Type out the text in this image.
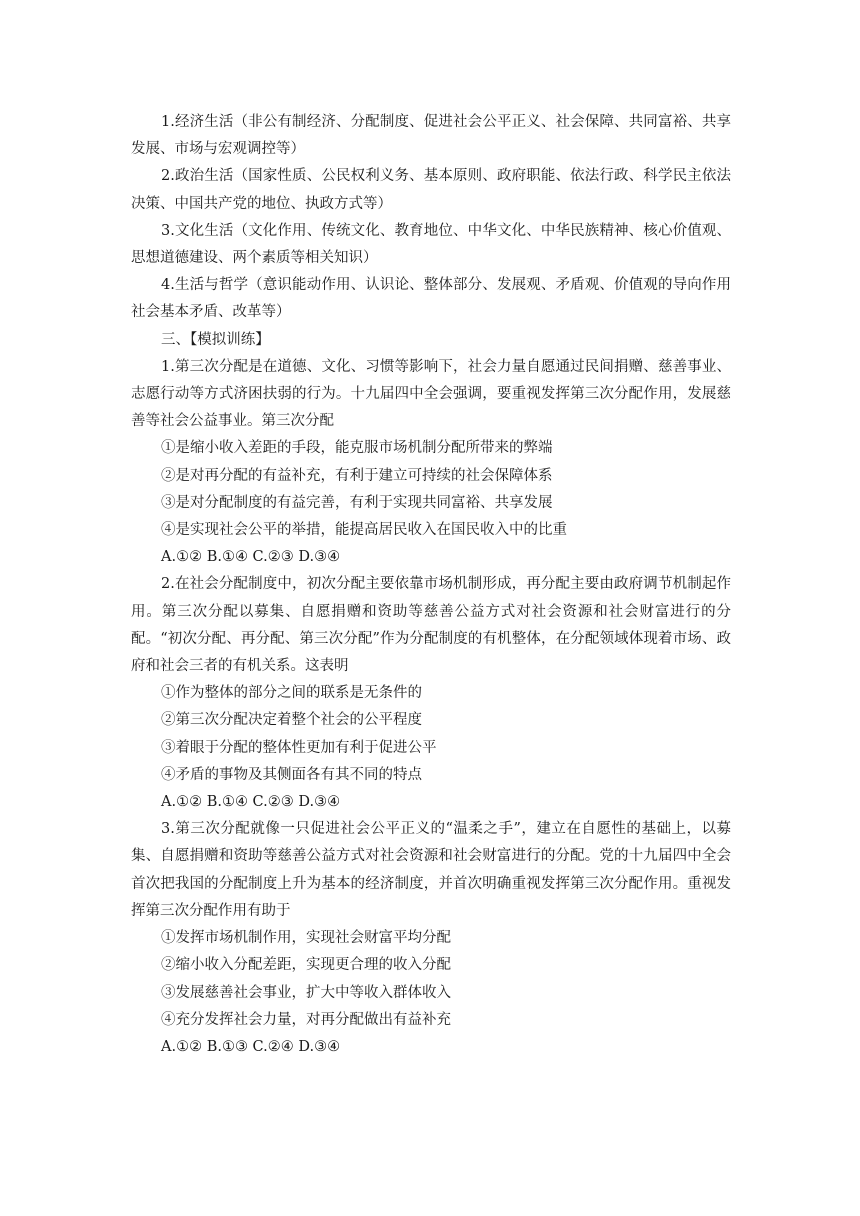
1.经济生活（非公有制经济、分配制度、促进社会公平正义、社会保障、共同富裕、共享发展、市场与宏观调控等）

2.政治生活（国家性质、公民权利义务、基本原则、政府职能、依法行政、科学民主依法决策、中国共产党的地位、执政方式等）

3.文化生活（文化作用、传统文化、教育地位、中华文化、中华民族精神、核心价值观、思想道德建设、两个素质等相关知识）

4.生活与哲学（意识能动作用、认识论、整体部分、发展观、矛盾观、价值观的导向作用社会基本矛盾、改革等）

三、【模拟训练】

1.第三次分配是在道德、文化、习惯等影响下，社会力量自愿通过民间捐赠、慈善事业、志愿行动等方式济困扶弱的行为。十九届四中全会强调，要重视发挥第三次分配作用，发展慈善等社会公益事业。第三次分配

①是缩小收入差距的手段，能克服市场机制分配所带来的弊端

②是对再分配的有益补充，有利于建立可持续的社会保障体系

③是对分配制度的有益完善，有利于实现共同富裕、共享发展

④是实现社会公平的举措，能提高居民收入在国民收入中的比重

A.①② B.①④ C.②③ D.③④

2.在社会分配制度中，初次分配主要依靠市场机制形成，再分配主要由政府调节机制起作用。第三次分配以募集、自愿捐赠和资助等慈善公益方式对社会资源和社会财富进行的分配。“初次分配、再分配、第三次分配”作为分配制度的有机整体，在分配领域体现着市场、政府和社会三者的有机关系。这表明

①作为整体的部分之间的联系是无条件的

②第三次分配决定着整个社会的公平程度

③着眼于分配的整体性更加有利于促进公平

④矛盾的事物及其侧面各有其不同的特点

A.①② B.①④ C.②③ D.③④

3.第三次分配就像一只促进社会公平正义的“温柔之手”，建立在自愿性的基础上，以募集、自愿捐赠和资助等慈善公益方式对社会资源和社会财富进行的分配。党的十九届四中全会首次把我国的分配制度上升为基本的经济制度，并首次明确重视发挥第三次分配作用。重视发挥第三次分配作用有助于

①发挥市场机制作用，实现社会财富平均分配

②缩小收入分配差距，实现更合理的收入分配

③发展慈善社会事业，扩大中等收入群体收入

④充分发挥社会力量，对再分配做出有益补充

A.①② B.①③ C.②④ D.③④
